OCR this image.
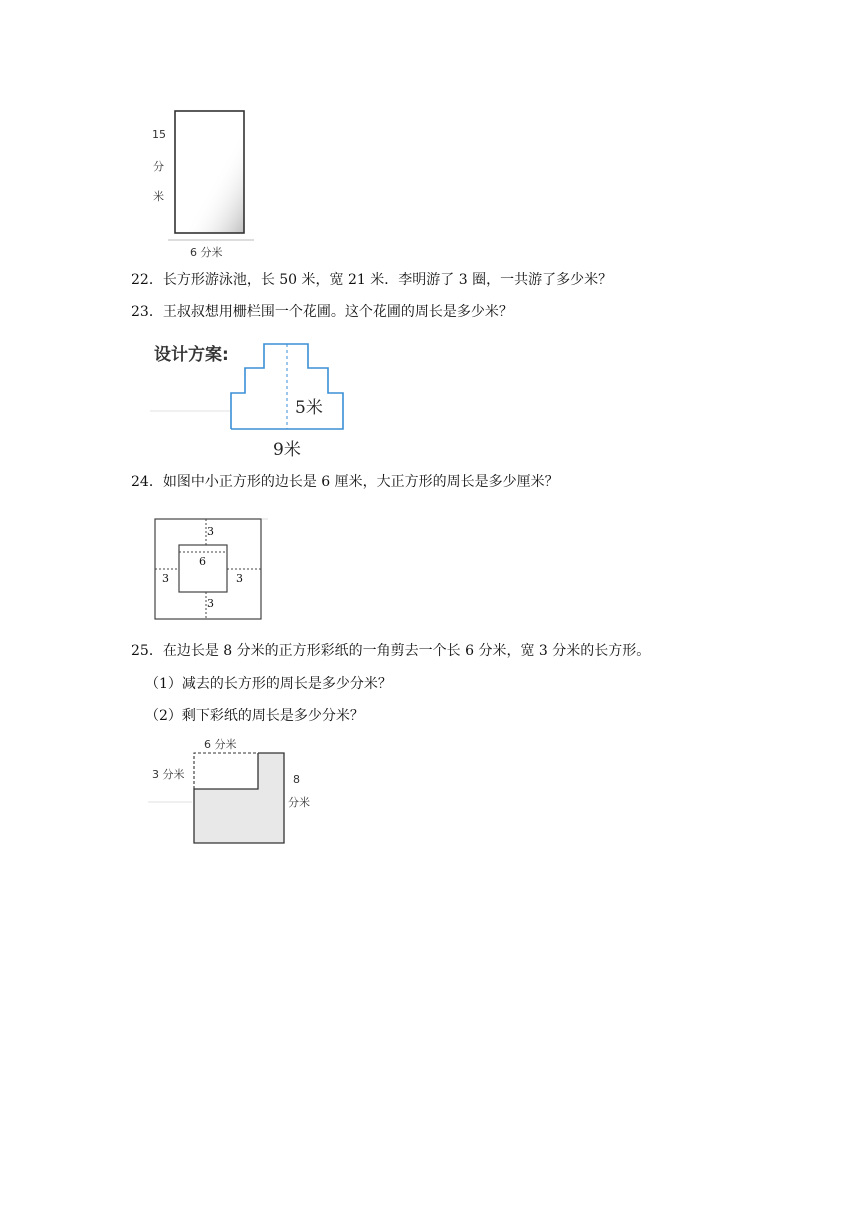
15
分
米
6 分米
22．长方形游泳池，长 50 米，宽 21 米．李明游了 3 圈，一共游了多少米？
23．王叔叔想用栅栏围一个花圃。这个花圃的周长是多少米？
设计方案:
5米
9米
24．如图中小正方形的边长是 6 厘米，大正方形的周长是多少厘米？
3
6
3	3
3
25．在边长是 8 分米的正方形彩纸的一角剪去一个长 6 分米，宽 3 分米的长方形。
（1）减去的长方形的周长是多少分米？
（2）剩下彩纸的周长是多少分米？
6 分米
3 分米	8
分米
